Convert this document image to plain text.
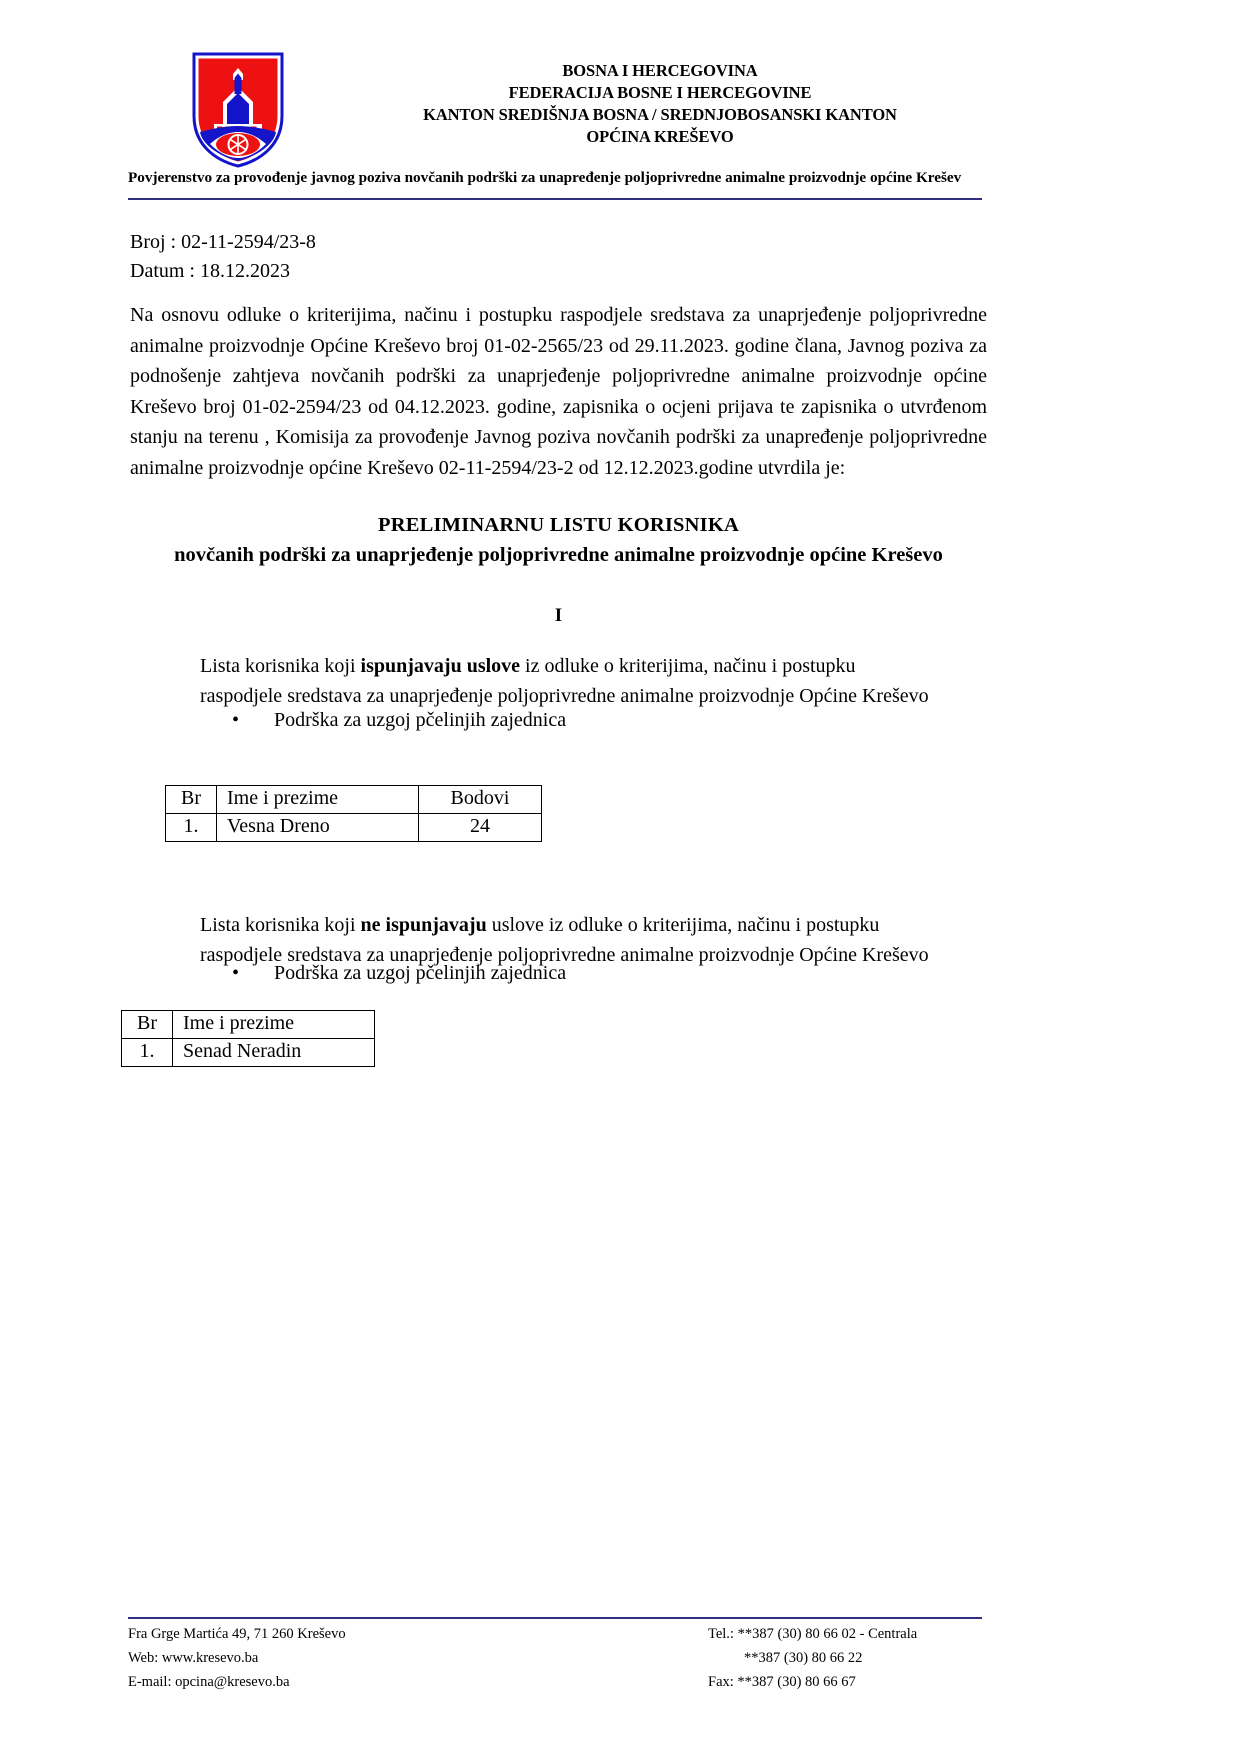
BOSNA I HERCEGOVINA
FEDERACIJA BOSNE I HERCEGOVINE
KANTON SREDIŠNJA BOSNA / SREDNJOBOSANSKI KANTON
OPĆINA KREŠEVO
Povjerenstvo za provođenje javnog poziva novčanih podrški za unapređenje poljoprivredne animalne proizvodnje općine Krešev
Broj : 02-11-2594/23-8
Datum : 18.12.2023
Na osnovu odluke o kriterijima, načinu i postupku raspodjele sredstava za unaprjeđenje poljoprivredne animalne proizvodnje Općine Kreševo broj 01-02-2565/23 od 29.11.2023. godine člana, Javnog poziva za podnošenje zahtjeva novčanih podrški za unaprjeđenje poljoprivredne animalne proizvodnje općine Kreševo broj 01-02-2594/23 od 04.12.2023. godine, zapisnika o ocjeni prijava te zapisnika o utvrđenom stanju na terenu , Komisija za provođenje Javnog poziva novčanih podrški za unapređenje poljoprivredne animalne proizvodnje općine Kreševo 02-11-2594/23-2 od 12.12.2023.godine utvrdila je:
PRELIMINARNU LISTU KORISNIKA
novčanih podrški za unaprjeđenje poljoprivredne animalne proizvodnje općine Kreševo
I
Lista korisnika koji ispunjavaju uslove iz odluke o kriterijima, načinu i postupku raspodjele sredstava za unaprjeđenje poljoprivredne animalne proizvodnje Općine Kreševo
•	Podrška za uzgoj pčelinjih zajednica
Br	Ime i prezime	Bodovi
1.	Vesna Dreno	24
Lista korisnika koji ne ispunjavaju uslove iz odluke o kriterijima, načinu i postupku raspodjele sredstava za unaprjeđenje poljoprivredne animalne proizvodnje Općine Kreševo
•	Podrška za uzgoj pčelinjih zajednica
Br	Ime i prezime
1.	Senad Neradin
Fra Grge Martića 49, 71 260 Kreševo
Web: www.kresevo.ba
E-mail: opcina@kresevo.ba
Tel.: **387 (30) 80 66 02 - Centrala
**387 (30) 80 66 22
Fax: **387 (30) 80 66 67
